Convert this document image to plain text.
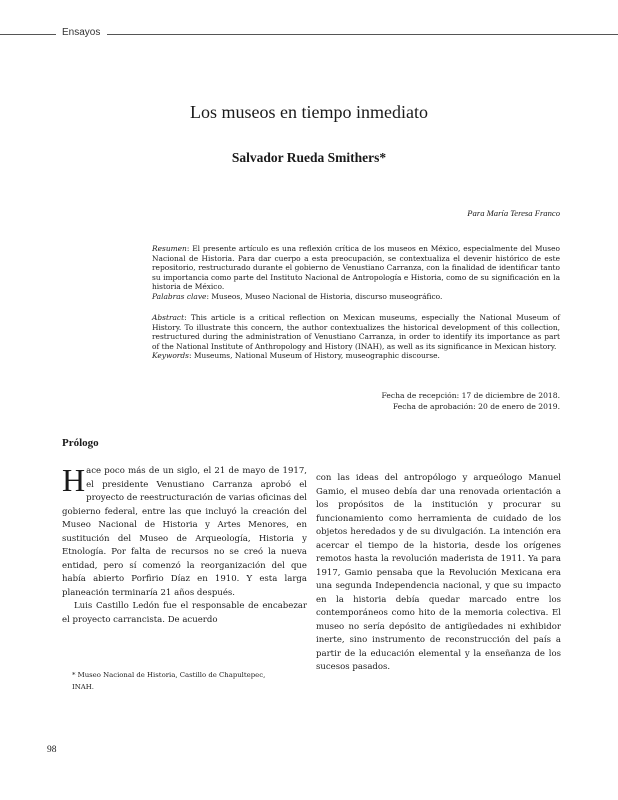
Ensayos
Los museos en tiempo inmediato
Salvador Rueda Smithers*
Para María Teresa Franco
Resumen: El presente artículo es una reflexión crítica de los museos en México, especialmente del Museo Nacional de Historia. Para dar cuerpo a esta preocupación, se contextualiza el devenir histórico de este repositorio, restructurado durante el gobierno de Venustiano Carranza, con la finalidad de identificar tanto su importancia como parte del Instituto Nacional de Antropología e Historia, como de su significación en la historia de México.
Palabras clave: Museos, Museo Nacional de Historia, discurso museográfico.
Abstract: This article is a critical reflection on Mexican museums, especially the National Museum of History. To illustrate this concern, the author contextualizes the historical development of this collection, restructured during the administration of Venustiano Carranza, in order to identify its importance as part of the National Institute of Anthropology and History (INAH), as well as its significance in Mexican history.
Keywords: Museums, National Museum of History, museographic discourse.
Fecha de recepción: 17 de diciembre de 2018.
Fecha de aprobación: 20 de enero de 2019.
Prólogo

Hace poco más de un siglo, el 21 de mayo de 1917, el presidente Venustiano Carranza aprobó el proyecto de reestructuración de varias oficinas del gobierno federal, entre las que incluyó la creación del Museo Nacional de Historia y Artes Menores, en sustitución del Museo de Arqueología, Historia y Etnología. Por falta de recursos no se creó la nueva entidad, pero sí comenzó la reorganización del que había abierto Porfirio Díaz en 1910. Y esta larga planeación terminaría 21 años después.

Luis Castillo Ledón fue el responsable de encabezar el proyecto carrancista. De acuerdo

con las ideas del antropólogo y arqueólogo Manuel Gamio, el museo debía dar una renovada orientación a los propósitos de la institución y procurar su funcionamiento como herramienta de cuidado de los objetos heredados y de su divulgación. La intención era acercar el tiempo de la historia, desde los orígenes remotos hasta la revolución maderista de 1911. Ya para 1917, Gamio pensaba que la Revolución Mexicana era una segunda Independencia nacional, y que su impacto en la historia debía quedar marcado entre los contemporáneos como hito de la memoria colectiva. El museo no sería depósito de antigüedades ni exhibidor inerte, sino instrumento de reconstrucción del país a partir de la educación elemental y la enseñanza de los sucesos pasados.

* Museo Nacional de Historia, Castillo de Chapultepec,
INAH.
98
